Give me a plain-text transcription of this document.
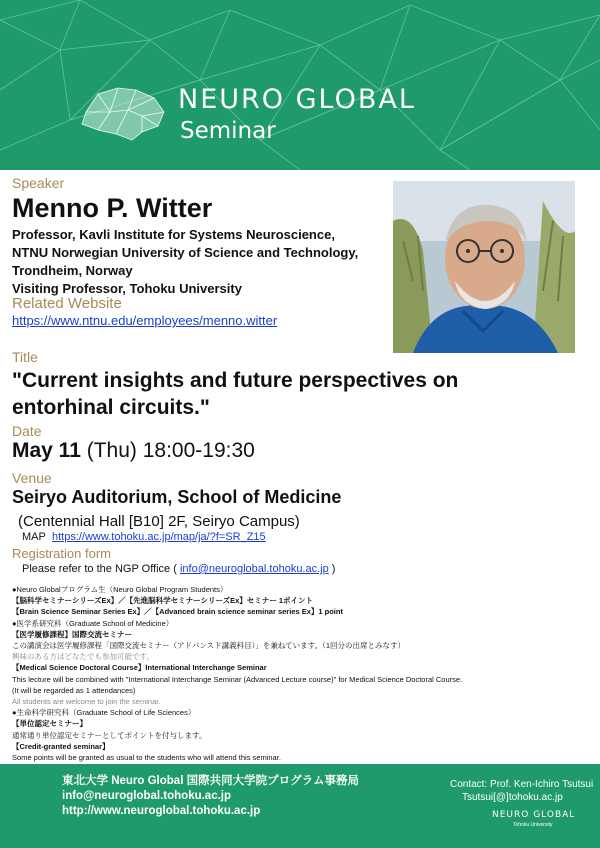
NEURO GLOBAL
Seminar
Speaker
Menno P. Witter
Professor, Kavli Institute for Systems Neuroscience,
NTNU Norwegian University of Science and Technology,
Trondheim, Norway
Visiting Professor, Tohoku University
Related Website
https://www.ntnu.edu/employees/menno.witter
Title
"Current insights and future perspectives on
entorhinal circuits."
Date
May 11 (Thu) 18:00-19:30
Venue
Seiryo Auditorium, School of Medicine
(Centennial Hall [B10] 2F, Seiryo Campus)
MAP https://www.tohoku.ac.jp/map/ja/?f=SR_Z15
Registration form
Please refer to the NGP Office ( info@neuroglobal.tohoku.ac.jp )
●Neuro Globalプログラム生（Neuro Global Program Students）
【脳科学セミナーシリーズEx】／【先進脳科学セミナーシリーズEx】セミナー 1ポイント
【Brain Science Seminar Series Ex】／【Advanced brain science seminar series Ex】1 point
●医学系研究科（Graduate School of Medicine）
【医学履修課程】国際交流セミナー
この講演会は医学履修課程「国際交流セミナー（アドバンスド講義科目）」を兼ねています。（1回分の出席とみなす）
興味のある方はどなたでも参加可能です。
【Medical Science Doctoral Course】International Interchange Seminar
This lecture will be combined with "International Interchange Seminar (Advanced Lecture course)" for Medical Science Doctoral Course.
(It will be regarded as 1 attendances)
All students are welcome to join the seminar.
●生命科学研究科（Graduate School of Life Sciences）
【単位認定セミナー】
通常通り単位認定セミナーとしてポイントを付与します。
【Credit-granted seminar】
Some points will be granted as usual to the students who will attend this seminar.
東北大学 Neuro Global 国際共同大学院プログラム事務局
info@neuroglobal.tohoku.ac.jp
http://www.neuroglobal.tohoku.ac.jp
Contact: Prof. Ken-Ichiro Tsutsui
Tsutsui[@]tohoku.ac.jp
NEURO GLOBAL
Tohoku University
